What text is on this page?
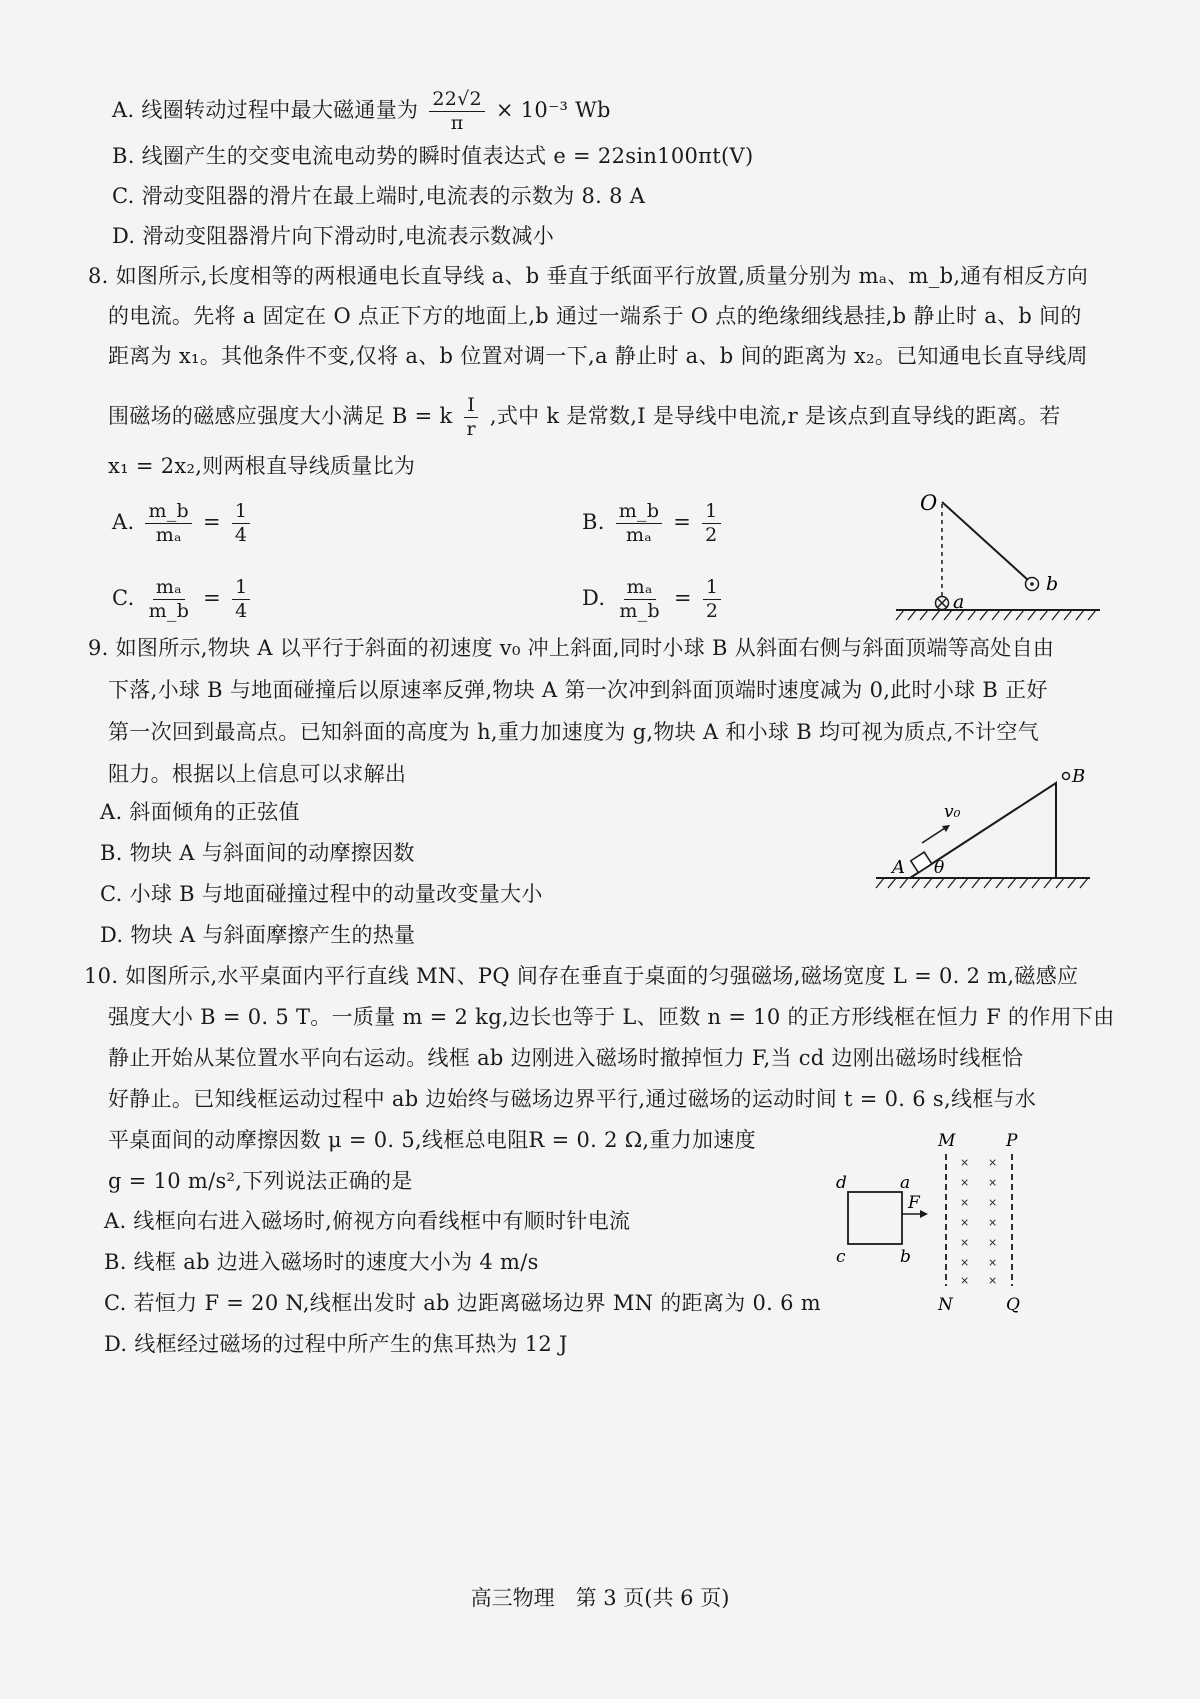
A. 线圈转动过程中最大磁通量为 $\frac{22√2}{\pi} \times 10^{-3}$ Wb
B. 线圈产生的交变电流电动势的瞬时值表达式 e = 22sin100πt(V)
C. 滑动变阻器的滑片在最上端时,电流表的示数为 8. 8 A
D. 滑动变阻器滑片向下滑动时,电流表示数减小
8. 如图所示,长度相等的两根通电长直导线 a、b 垂直于纸面平行放置,质量分别为 mₐ、m_b,通有相反方向
的电流。先将 a 固定在 O 点正下方的地面上,b 通过一端系于 O 点的绝缘细线悬挂,b 静止时 a、b 间的
距离为 x₁。其他条件不变,仅将 a、b 位置对调一下,a 静止时 a、b 间的距离为 x₂。已知通电长直导线周
围磁场的磁感应强度大小满足 B = k $\frac{I}{r}$ ,式中 k 是常数,I 是导线中电流,r 是该点到直导线的距离。若
x₁ = 2x₂,则两根直导线质量比为
A. $\frac{m\_b}{\text{mₐ}} = \frac{1}{4}$	B. $\frac{m\_b}{\text{mₐ}} = \frac{1}{2}$
C. $\frac{\text{mₐ}}{m\_b} = \frac{1}{4}$	D. $\frac{\text{mₐ}}{m\_b} = \frac{1}{2}$
O
b
a
9. 如图所示,物块 A 以平行于斜面的初速度 v₀ 冲上斜面,同时小球 B 从斜面右侧与斜面顶端等高处自由
下落,小球 B 与地面碰撞后以原速率反弹,物块 A 第一次冲到斜面顶端时速度减为 0,此时小球 B 正好
第一次回到最高点。已知斜面的高度为 h,重力加速度为 g,物块 A 和小球 B 均可视为质点,不计空气
阻力。根据以上信息可以求解出
A. 斜面倾角的正弦值
B. 物块 A 与斜面间的动摩擦因数
C. 小球 B 与地面碰撞过程中的动量改变量大小
D. 物块 A 与斜面摩擦产生的热量
A θ
v₀
B
10. 如图所示,水平桌面内平行直线 MN、PQ 间存在垂直于桌面的匀强磁场,磁场宽度 L = 0. 2 m,磁感应
强度大小 B = 0. 5 T。一质量 m = 2 kg,边长也等于 L、匝数 n = 10 的正方形线框在恒力 F 的作用下由
静止开始从某位置水平向右运动。线框 ab 边刚进入磁场时撤掉恒力 F,当 cd 边刚出磁场时线框恰
好静止。已知线框运动过程中 ab 边始终与磁场边界平行,通过磁场的运动时间 t = 0. 6 s,线框与水
平桌面间的动摩擦因数 μ = 0. 5,线框总电阻R = 0. 2 Ω,重力加速度
g = 10 m/s²,下列说法正确的是
A. 线框向右进入磁场时,俯视方向看线框中有顺时针电流
B. 线框 ab 边进入磁场时的速度大小为 4 m/s
C. 若恒力 F = 20 N,线框出发时 ab 边距离磁场边界 MN 的距离为 0. 6 m
D. 线框经过磁场的过程中所产生的焦耳热为 12 J
M	P
× ×
× ×
× ×
× ×
× ×
× ×
× ×
N	Q
d	a
c	b
F
高三物理　第 3 页(共 6 页)
